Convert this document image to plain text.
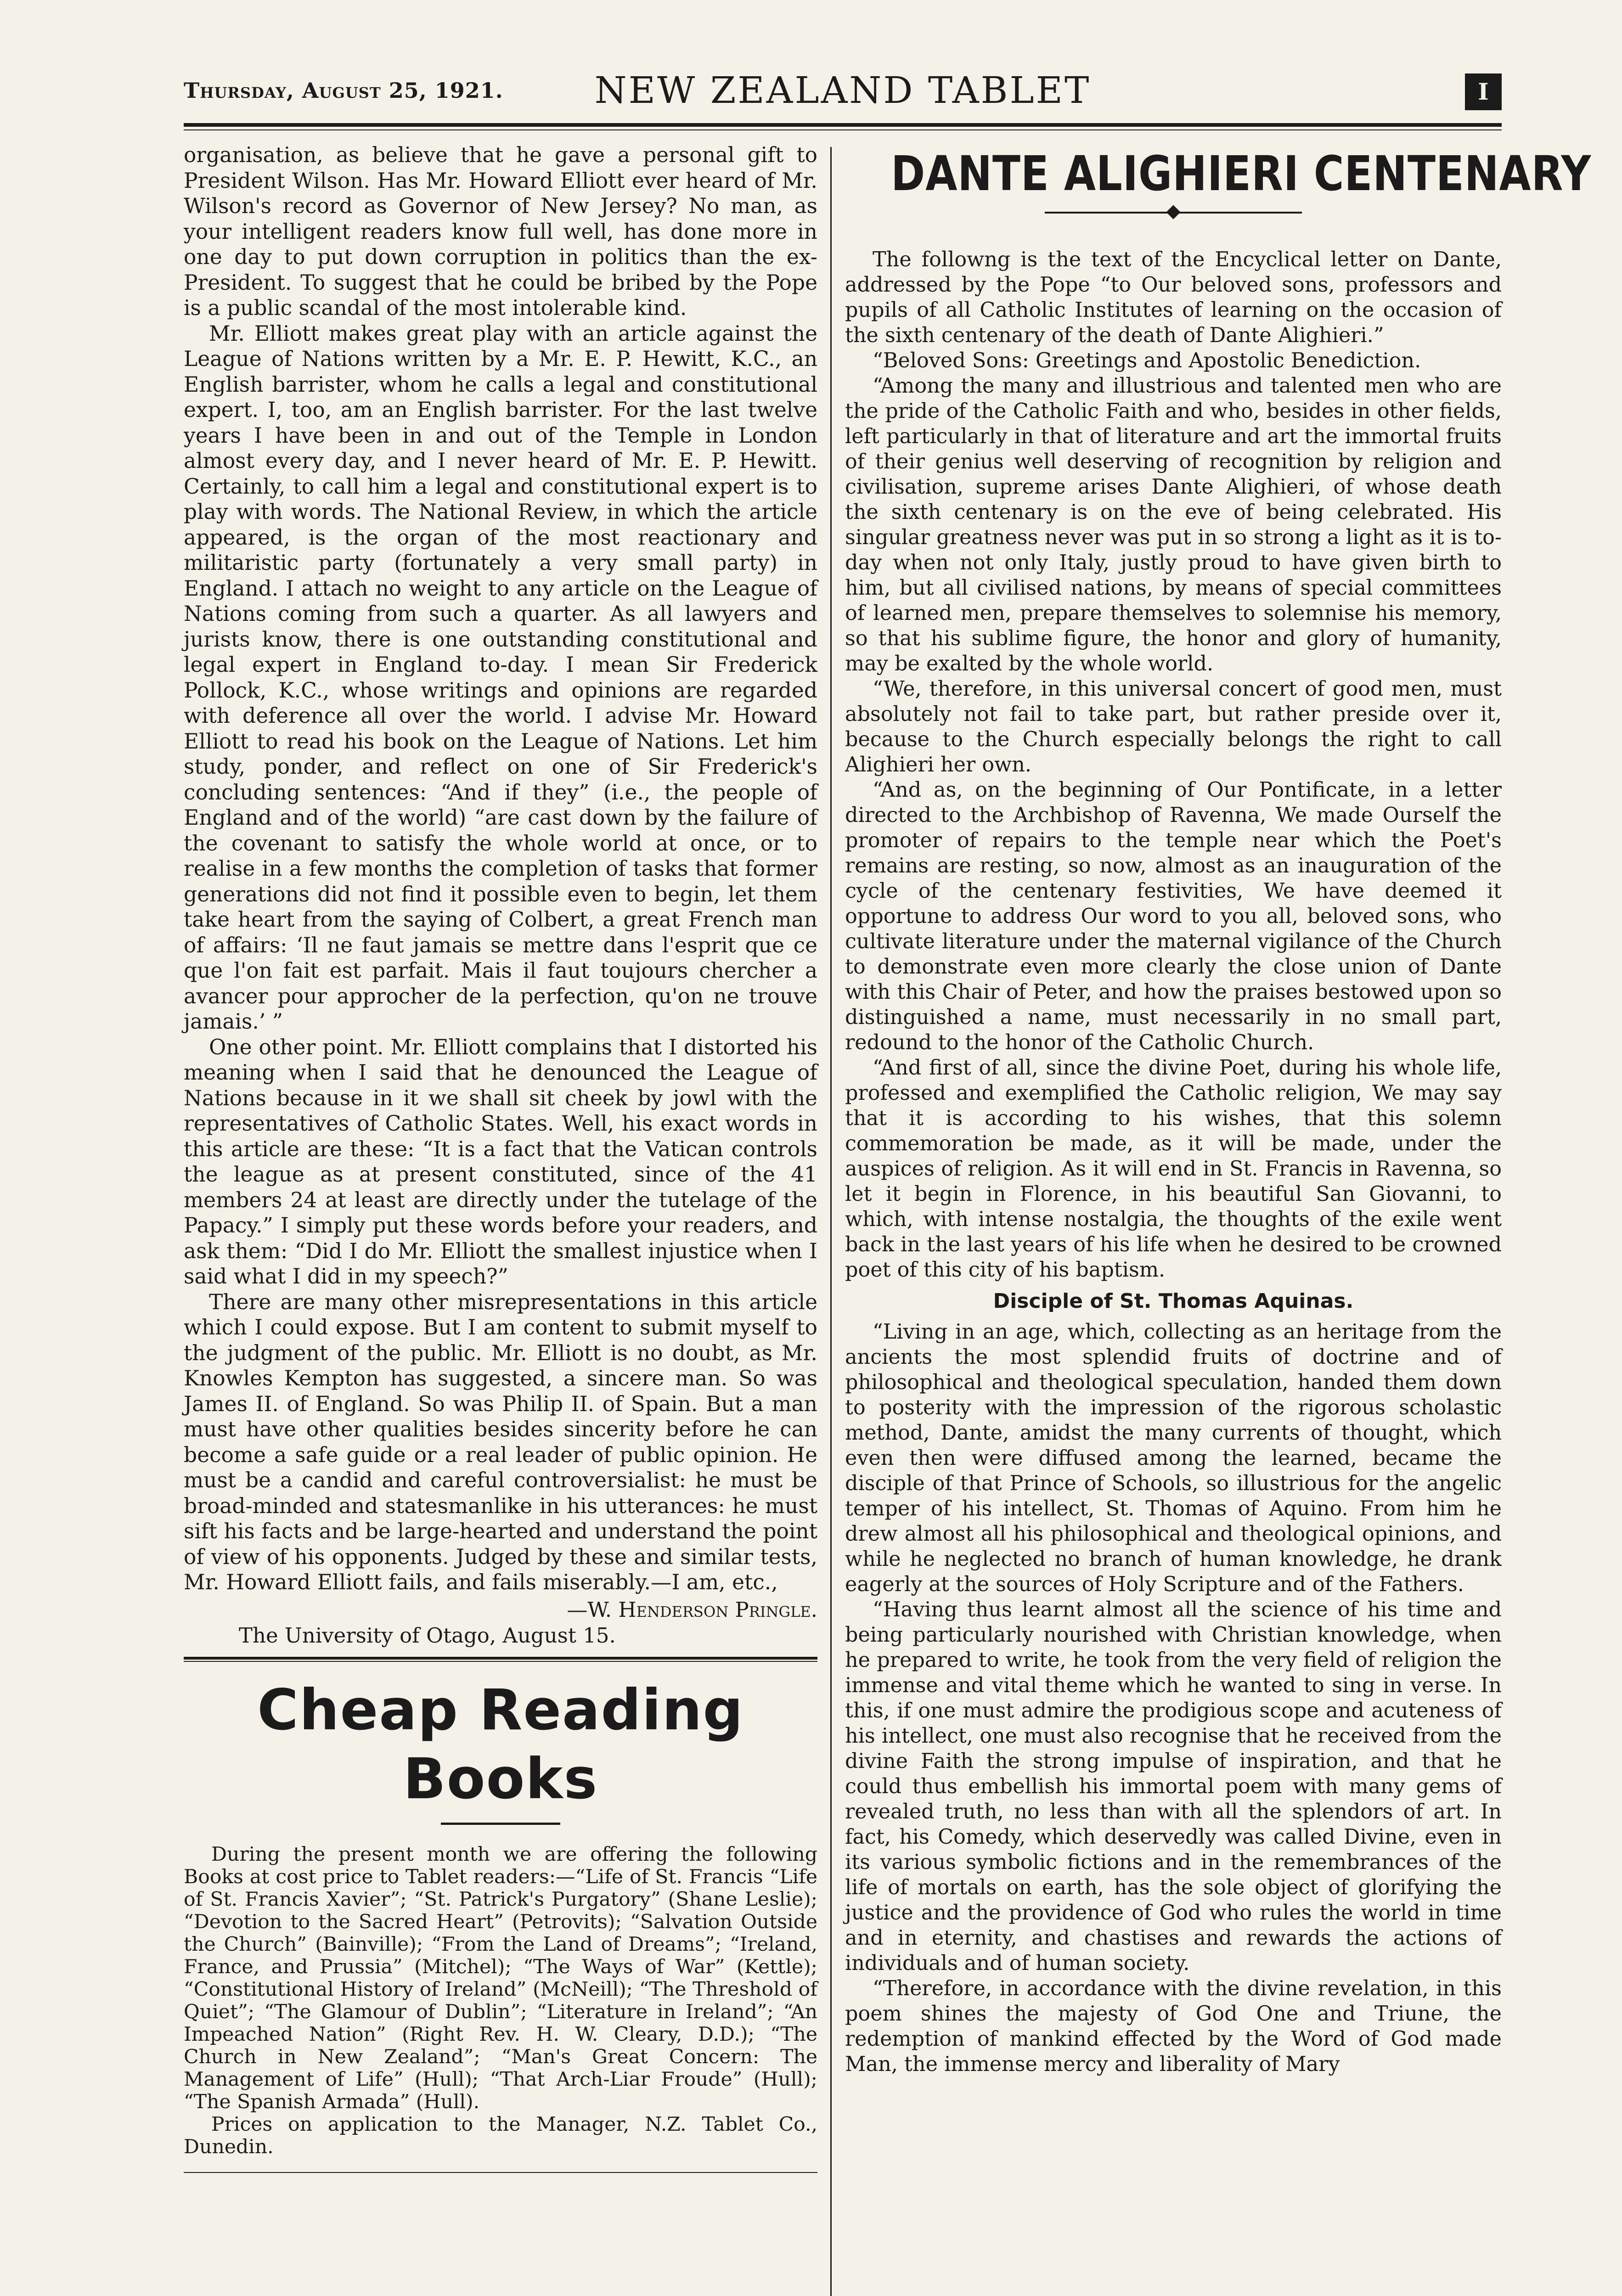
Thursday, August 25, 1921.	NEW ZEALAND TABLET	I

organisation, as believe that he gave a personal gift to President Wilson. Has Mr. Howard Elliott ever heard of Mr. Wilson's record as Governor of New Jersey? No man, as your intelligent readers know full well, has done more in one day to put down corruption in politics than the ex-President. To suggest that he could be bribed by the Pope is a public scandal of the most intolerable kind.

Mr. Elliott makes great play with an article against the League of Nations written by a Mr. E. P. Hewitt, K.C., an English barrister, whom he calls a legal and constitutional expert. I, too, am an English barrister. For the last twelve years I have been in and out of the Temple in London almost every day, and I never heard of Mr. E. P. Hewitt. Certainly, to call him a legal and constitutional expert is to play with words. The National Review, in which the article appeared, is the organ of the most reactionary and militaristic party (fortunately a very small party) in England. I attach no weight to any article on the League of Nations coming from such a quarter. As all lawyers and jurists know, there is one outstanding constitutional and legal expert in England to-day. I mean Sir Frederick Pollock, K.C., whose writings and opinions are regarded with deference all over the world. I advise Mr. Howard Elliott to read his book on the League of Nations. Let him study, ponder, and reflect on one of Sir Frederick's concluding sentences: “And if they” (i.e., the people of England and of the world) “are cast down by the failure of the covenant to satisfy the whole world at once, or to realise in a few months the completion of tasks that former generations did not find it possible even to begin, let them take heart from the saying of Colbert, a great French man of affairs: ‘Il ne faut jamais se mettre dans l'esprit que ce que l'on fait est parfait. Mais il faut toujours chercher a avancer pour approcher de la perfection, qu'on ne trouve jamais.’ ”

One other point. Mr. Elliott complains that I distorted his meaning when I said that he denounced the League of Nations because in it we shall sit cheek by jowl with the representatives of Catholic States. Well, his exact words in this article are these: “It is a fact that the Vatican controls the league as at present constituted, since of the 41 members 24 at least are directly under the tutelage of the Papacy.” I simply put these words before your readers, and ask them: “Did I do Mr. Elliott the smallest injustice when I said what I did in my speech?”

There are many other misrepresentations in this article which I could expose. But I am content to submit myself to the judgment of the public. Mr. Elliott is no doubt, as Mr. Knowles Kempton has suggested, a sincere man. So was James II. of England. So was Philip II. of Spain. But a man must have other qualities besides sincerity before he can become a safe guide or a real leader of public opinion. He must be a candid and careful controversialist: he must be broad-minded and statesmanlike in his utterances: he must sift his facts and be large-hearted and understand the point of view of his opponents. Judged by these and similar tests, Mr. Howard Elliott fails, and fails miserably.—I am, etc.,

—W. Henderson Pringle.
The University of Otago, August 15.
Cheap Reading Books

During the present month we are offering the following Books at cost price to Tablet readers:—“Life of St. Francis “Life of St. Francis Xavier”; “St. Patrick's Purgatory” (Shane Leslie); “Devotion to the Sacred Heart” (Petrovits); “Salvation Outside the Church” (Bainville); “From the Land of Dreams”; “Ireland, France, and Prussia” (Mitchel); “The Ways of War” (Kettle); “Constitutional History of Ireland” (McNeill); “The Threshold of Quiet”; “The Glamour of Dublin”; “Literature in Ireland”; “An Impeached Nation” (Right Rev. H. W. Cleary, D.D.); “The Church in New Zealand”; “Man's Great Concern: The Management of Life” (Hull); “That Arch-Liar Froude” (Hull); “The Spanish Armada” (Hull).

Prices on application to the Manager, N.Z. Tablet Co., Dunedin.

DANTE ALIGHIERI CENTENARY

The followng is the text of the Encyclical letter on Dante, addressed by the Pope “to Our beloved sons, professors and pupils of all Catholic Institutes of learning on the occasion of the sixth centenary of the death of Dante Alighieri.”

“Beloved Sons: Greetings and Apostolic Benediction.

“Among the many and illustrious and talented men who are the pride of the Catholic Faith and who, besides in other fields, left particularly in that of literature and art the immortal fruits of their genius well deserving of recognition by religion and civilisation, supreme arises Dante Alighieri, of whose death the sixth centenary is on the eve of being celebrated. His singular greatness never was put in so strong a light as it is to-day when not only Italy, justly proud to have given birth to him, but all civilised nations, by means of special committees of learned men, prepare themselves to solemnise his memory, so that his sublime figure, the honor and glory of humanity, may be exalted by the whole world.

“We, therefore, in this universal concert of good men, must absolutely not fail to take part, but rather preside over it, because to the Church especially belongs the right to call Alighieri her own.

“And as, on the beginning of Our Pontificate, in a letter directed to the Archbishop of Ravenna, We made Ourself the promoter of repairs to the temple near which the Poet's remains are resting, so now, almost as an inauguration of the cycle of the centenary festivities, We have deemed it opportune to address Our word to you all, beloved sons, who cultivate literature under the maternal vigilance of the Church to demonstrate even more clearly the close union of Dante with this Chair of Peter, and how the praises bestowed upon so distinguished a name, must necessarily in no small part, redound to the honor of the Catholic Church.

“And first of all, since the divine Poet, during his whole life, professed and exemplified the Catholic religion, We may say that it is according to his wishes, that this solemn commemoration be made, as it will be made, under the auspices of religion. As it will end in St. Francis in Ravenna, so let it begin in Florence, in his beautiful San Giovanni, to which, with intense nostalgia, the thoughts of the exile went back in the last years of his life when he desired to be crowned poet of this city of his baptism.

Disciple of St. Thomas Aquinas.

“Living in an age, which, collecting as an heritage from the ancients the most splendid fruits of doctrine and of philosophical and theological speculation, handed them down to posterity with the impression of the rigorous scholastic method, Dante, amidst the many currents of thought, which even then were diffused among the learned, became the disciple of that Prince of Schools, so illustrious for the angelic temper of his intellect, St. Thomas of Aquino. From him he drew almost all his philosophical and theological opinions, and while he neglected no branch of human knowledge, he drank eagerly at the sources of Holy Scripture and of the Fathers.

“Having thus learnt almost all the science of his time and being particularly nourished with Christian knowledge, when he prepared to write, he took from the very field of religion the immense and vital theme which he wanted to sing in verse. In this, if one must admire the prodigious scope and acuteness of his intellect, one must also recognise that he received from the divine Faith the strong impulse of inspiration, and that he could thus embellish his immortal poem with many gems of revealed truth, no less than with all the splendors of art. In fact, his Comedy, which deservedly was called Divine, even in its various symbolic fictions and in the remembrances of the life of mortals on earth, has the sole object of glorifying the justice and the providence of God who rules the world in time and in eternity, and chastises and rewards the actions of individuals and of human society.

“Therefore, in accordance with the divine revelation, in this poem shines the majesty of God One and Triune, the redemption of mankind effected by the Word of God made Man, the immense mercy and liberality of Mary
